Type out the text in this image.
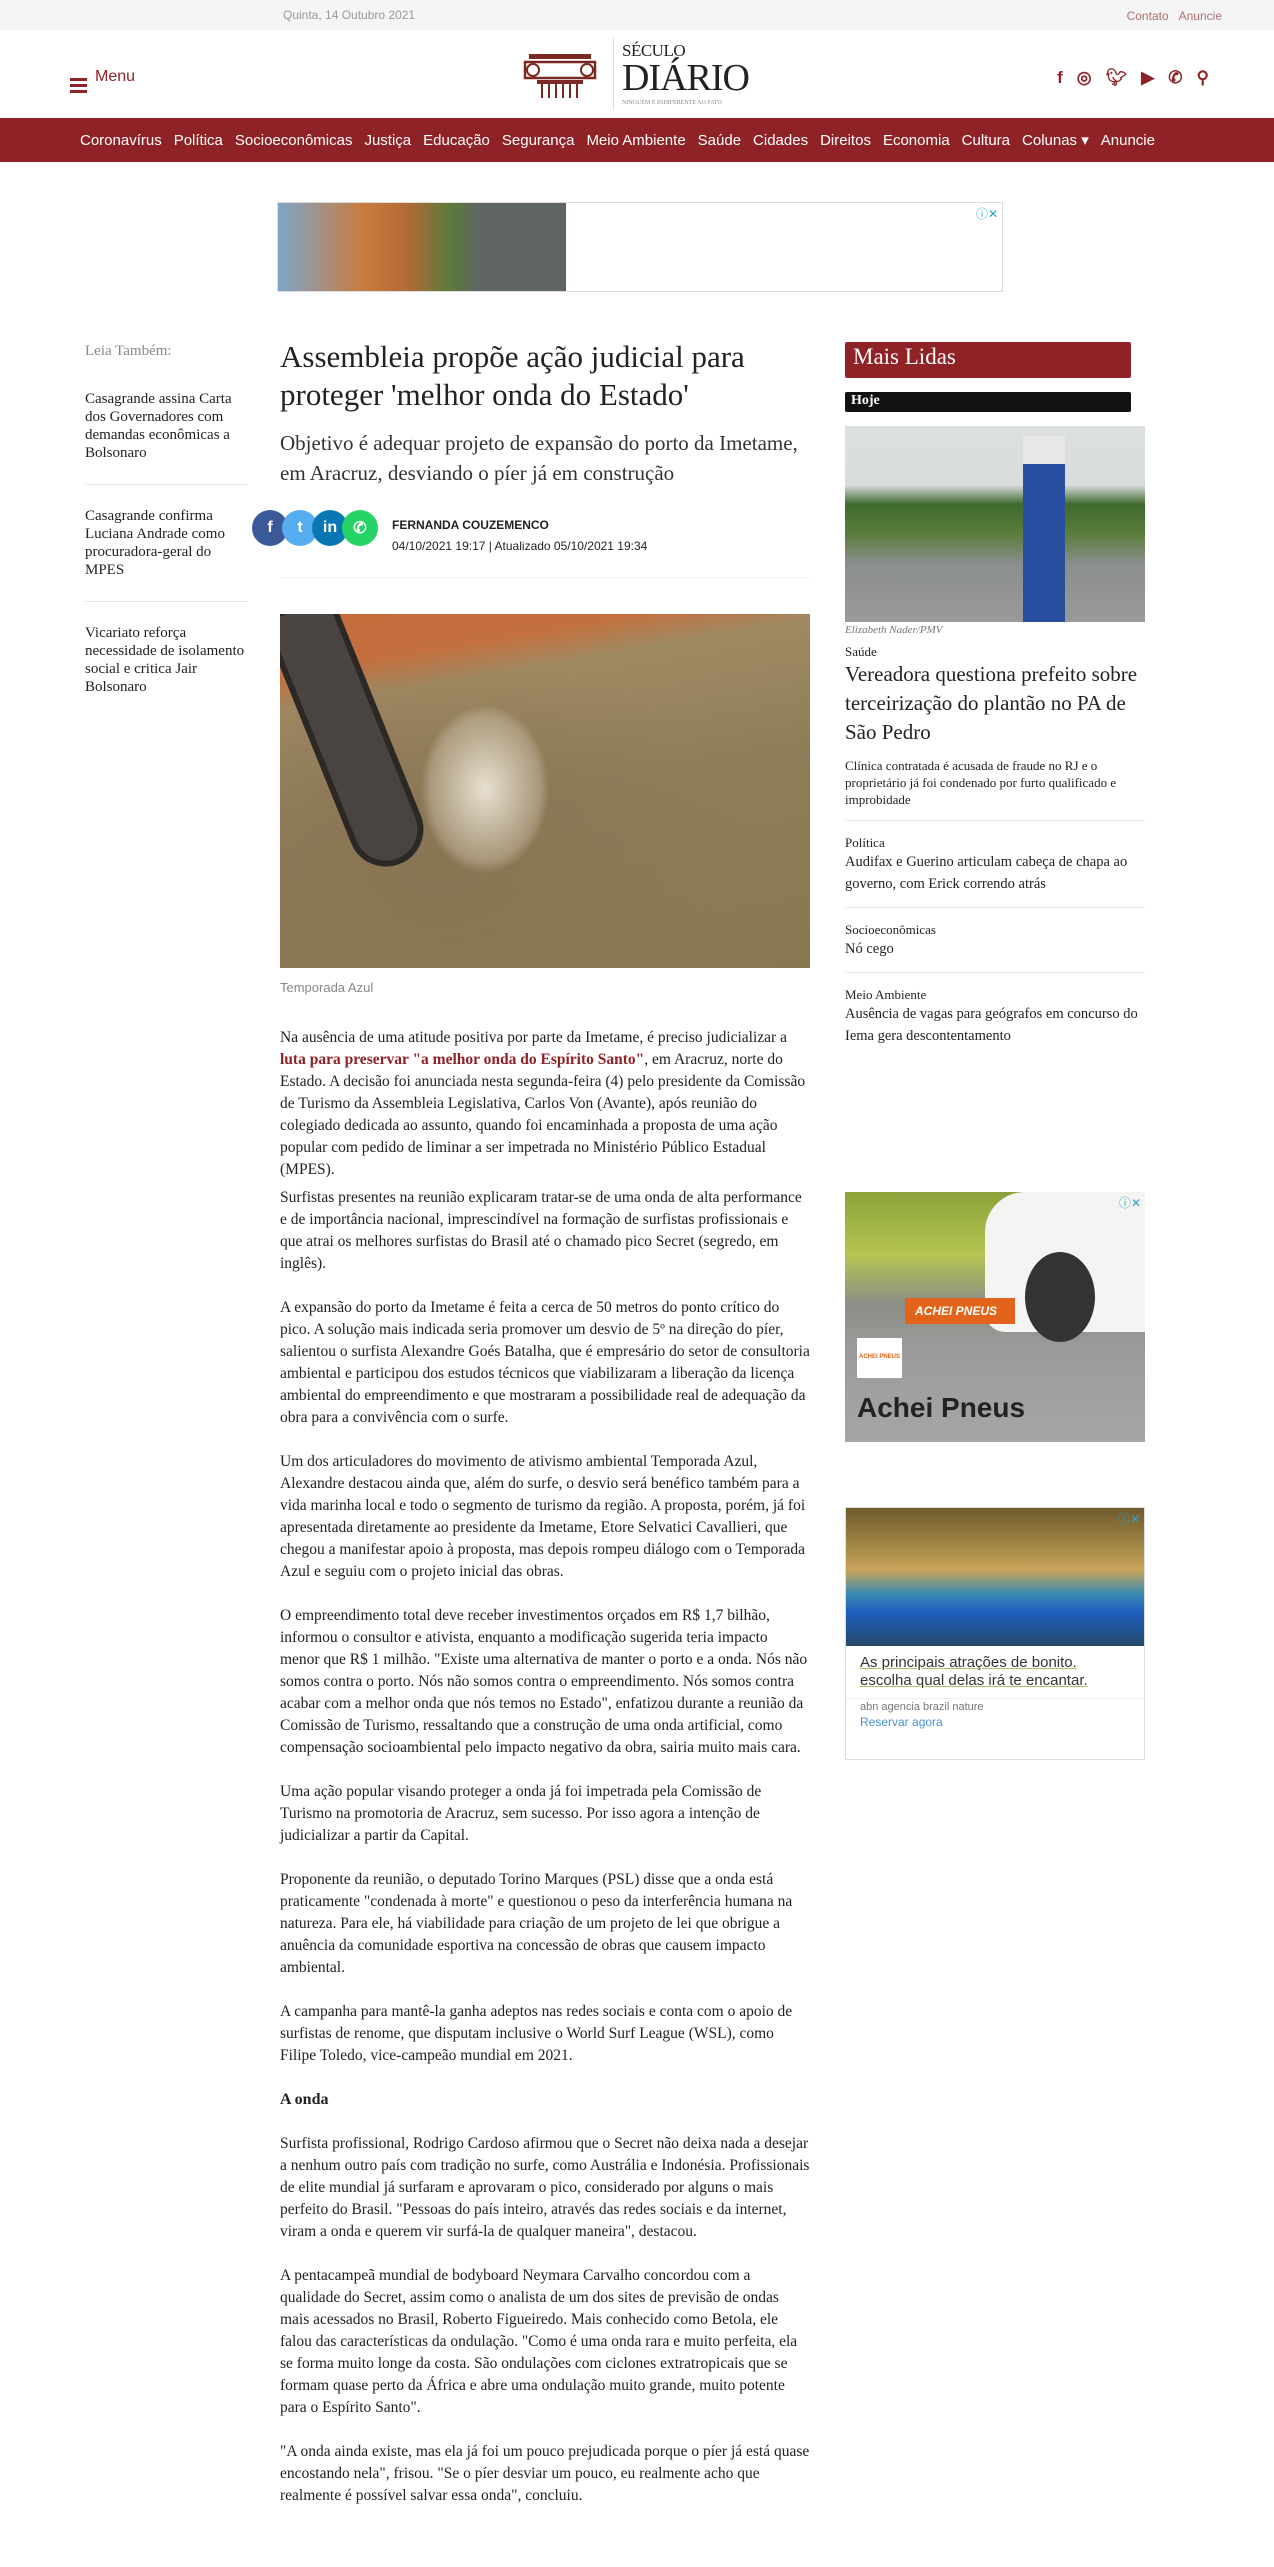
Quinta, 14 Outubro 2021	Contato Anuncie
Menu
SÉCULO
DIÁRIO
NINGUÉM É INDIFERENTE AO FATO
f ◎ 🐦︎ ▶ ✆ ⚲
Coronavírus Política Socioeconômicas Justiça Educação Segurança Meio Ambiente Saúde Cidades Direitos Economia Cultura Colunas ▾ Anuncie
ⓘ✕
Leia Também:
Casagrande assina Carta dos Governadores com demandas econômicas a Bolsonaro
Casagrande confirma Luciana Andrade como procuradora-geral do MPES
Vicariato reforça necessidade de isolamento social e critica Jair Bolsonaro
f	t	in	✆
Assembleia propõe ação judicial para proteger 'melhor onda do Estado'
Objetivo é adequar projeto de expansão do porto da Imetame, em Aracruz, desviando o píer já em construção
FERNANDA COUZEMENCO
04/10/2021 19:17 | Atualizado 05/10/2021 19:34
Temporada Azul

Na ausência de uma atitude positiva por parte da Imetame, é preciso judicializar a luta para preservar "a melhor onda do Espírito Santo", em Aracruz, norte do Estado. A decisão foi anunciada nesta segunda-feira (4) pelo presidente da Comissão de Turismo da Assembleia Legislativa, Carlos Von (Avante), após reunião do colegiado dedicada ao assunto, quando foi encaminhada a proposta de uma ação popular com pedido de liminar a ser impetrada no Ministério Público Estadual (MPES).

Surfistas presentes na reunião explicaram tratar-se de uma onda de alta performance e de importância nacional, imprescindível na formação de surfistas profissionais e que atrai os melhores surfistas do Brasil até o chamado pico Secret (segredo, em inglês).

A expansão do porto da Imetame é feita a cerca de 50 metros do ponto crítico do pico. A solução mais indicada seria promover um desvio de 5º na direção do píer, salientou o surfista Alexandre Goés Batalha, que é empresário do setor de consultoria ambiental e participou dos estudos técnicos que viabilizaram a liberação da licença ambiental do empreendimento e que mostraram a possibilidade real de adequação da obra para a convivência com o surfe.

Um dos articuladores do movimento de ativismo ambiental Temporada Azul, Alexandre destacou ainda que, além do surfe, o desvio será benéfico também para a vida marinha local e todo o segmento de turismo da região. A proposta, porém, já foi apresentada diretamente ao presidente da Imetame, Etore Selvatici Cavallieri, que chegou a manifestar apoio à proposta, mas depois rompeu diálogo com o Temporada Azul e seguiu com o projeto inicial das obras.

O empreendimento total deve receber investimentos orçados em R$ 1,7 bilhão, informou o consultor e ativista, enquanto a modificação sugerida teria impacto menor que R$ 1 milhão. "Existe uma alternativa de manter o porto e a onda. Nós não somos contra o porto. Nós não somos contra o empreendimento. Nós somos contra acabar com a melhor onda que nós temos no Estado", enfatizou durante a reunião da Comissão de Turismo, ressaltando que a construção de uma onda artificial, como compensação socioambiental pelo impacto negativo da obra, sairia muito mais cara.

Uma ação popular visando proteger a onda já foi impetrada pela Comissão de Turismo na promotoria de Aracruz, sem sucesso. Por isso agora a intenção de judicializar a partir da Capital.

Proponente da reunião, o deputado Torino Marques (PSL) disse que a onda está praticamente "condenada à morte" e questionou o peso da interferência humana na natureza. Para ele, há viabilidade para criação de um projeto de lei que obrigue a anuência da comunidade esportiva na concessão de obras que causem impacto ambiental.

A campanha para mantê-la ganha adeptos nas redes sociais e conta com o apoio de surfistas de renome, que disputam inclusive o World Surf League (WSL), como Filipe Toledo, vice-campeão mundial em 2021.

A onda

Surfista profissional, Rodrigo Cardoso afirmou que o Secret não deixa nada a desejar a nenhum outro país com tradição no surfe, como Austrália e Indonésia. Profissionais de elite mundial já surfaram e aprovaram o pico, considerado por alguns o mais perfeito do Brasil. "Pessoas do país inteiro, através das redes sociais e da internet, viram a onda e querem vir surfá-la de qualquer maneira", destacou.

A pentacampeã mundial de bodyboard Neymara Carvalho concordou com a qualidade do Secret, assim como o analista de um dos sites de previsão de ondas mais acessados no Brasil, Roberto Figueiredo. Mais conhecido como Betola, ele falou das características da ondulação. "Como é uma onda rara e muito perfeita, ela se forma muito longe da costa. São ondulações com ciclones extratropicais que se formam quase perto da África e abre uma ondulação muito grande, muito potente para o Espírito Santo".

"A onda ainda existe, mas ela já foi um pouco prejudicada porque o píer já está quase encostando nela", frisou. "Se o píer desviar um pouco, eu realmente acho que realmente é possível salvar essa onda", concluiu.

Mais Lidas
Hoje
Elizabeth Nader/PMV
Saúde
Vereadora questiona prefeito sobre terceirização do plantão no PA de São Pedro
Clínica contratada é acusada de fraude no RJ e o proprietário já foi condenado por furto qualificado e improbidade
Política
Audifax e Guerino articulam cabeça de chapa ao governo, com Erick correndo atrás
Socioeconômicas
Nó cego
Meio Ambiente
Ausência de vagas para geógrafos em concurso do Iema gera descontentamento
ACHEI PNEUS
ACHEI PNEUS
Achei Pneus
ⓘ✕
As principais atrações de bonito. escolha qual delas irá te encantar.
abn agencia brazil nature
Reservar agora
ⓘ✕
